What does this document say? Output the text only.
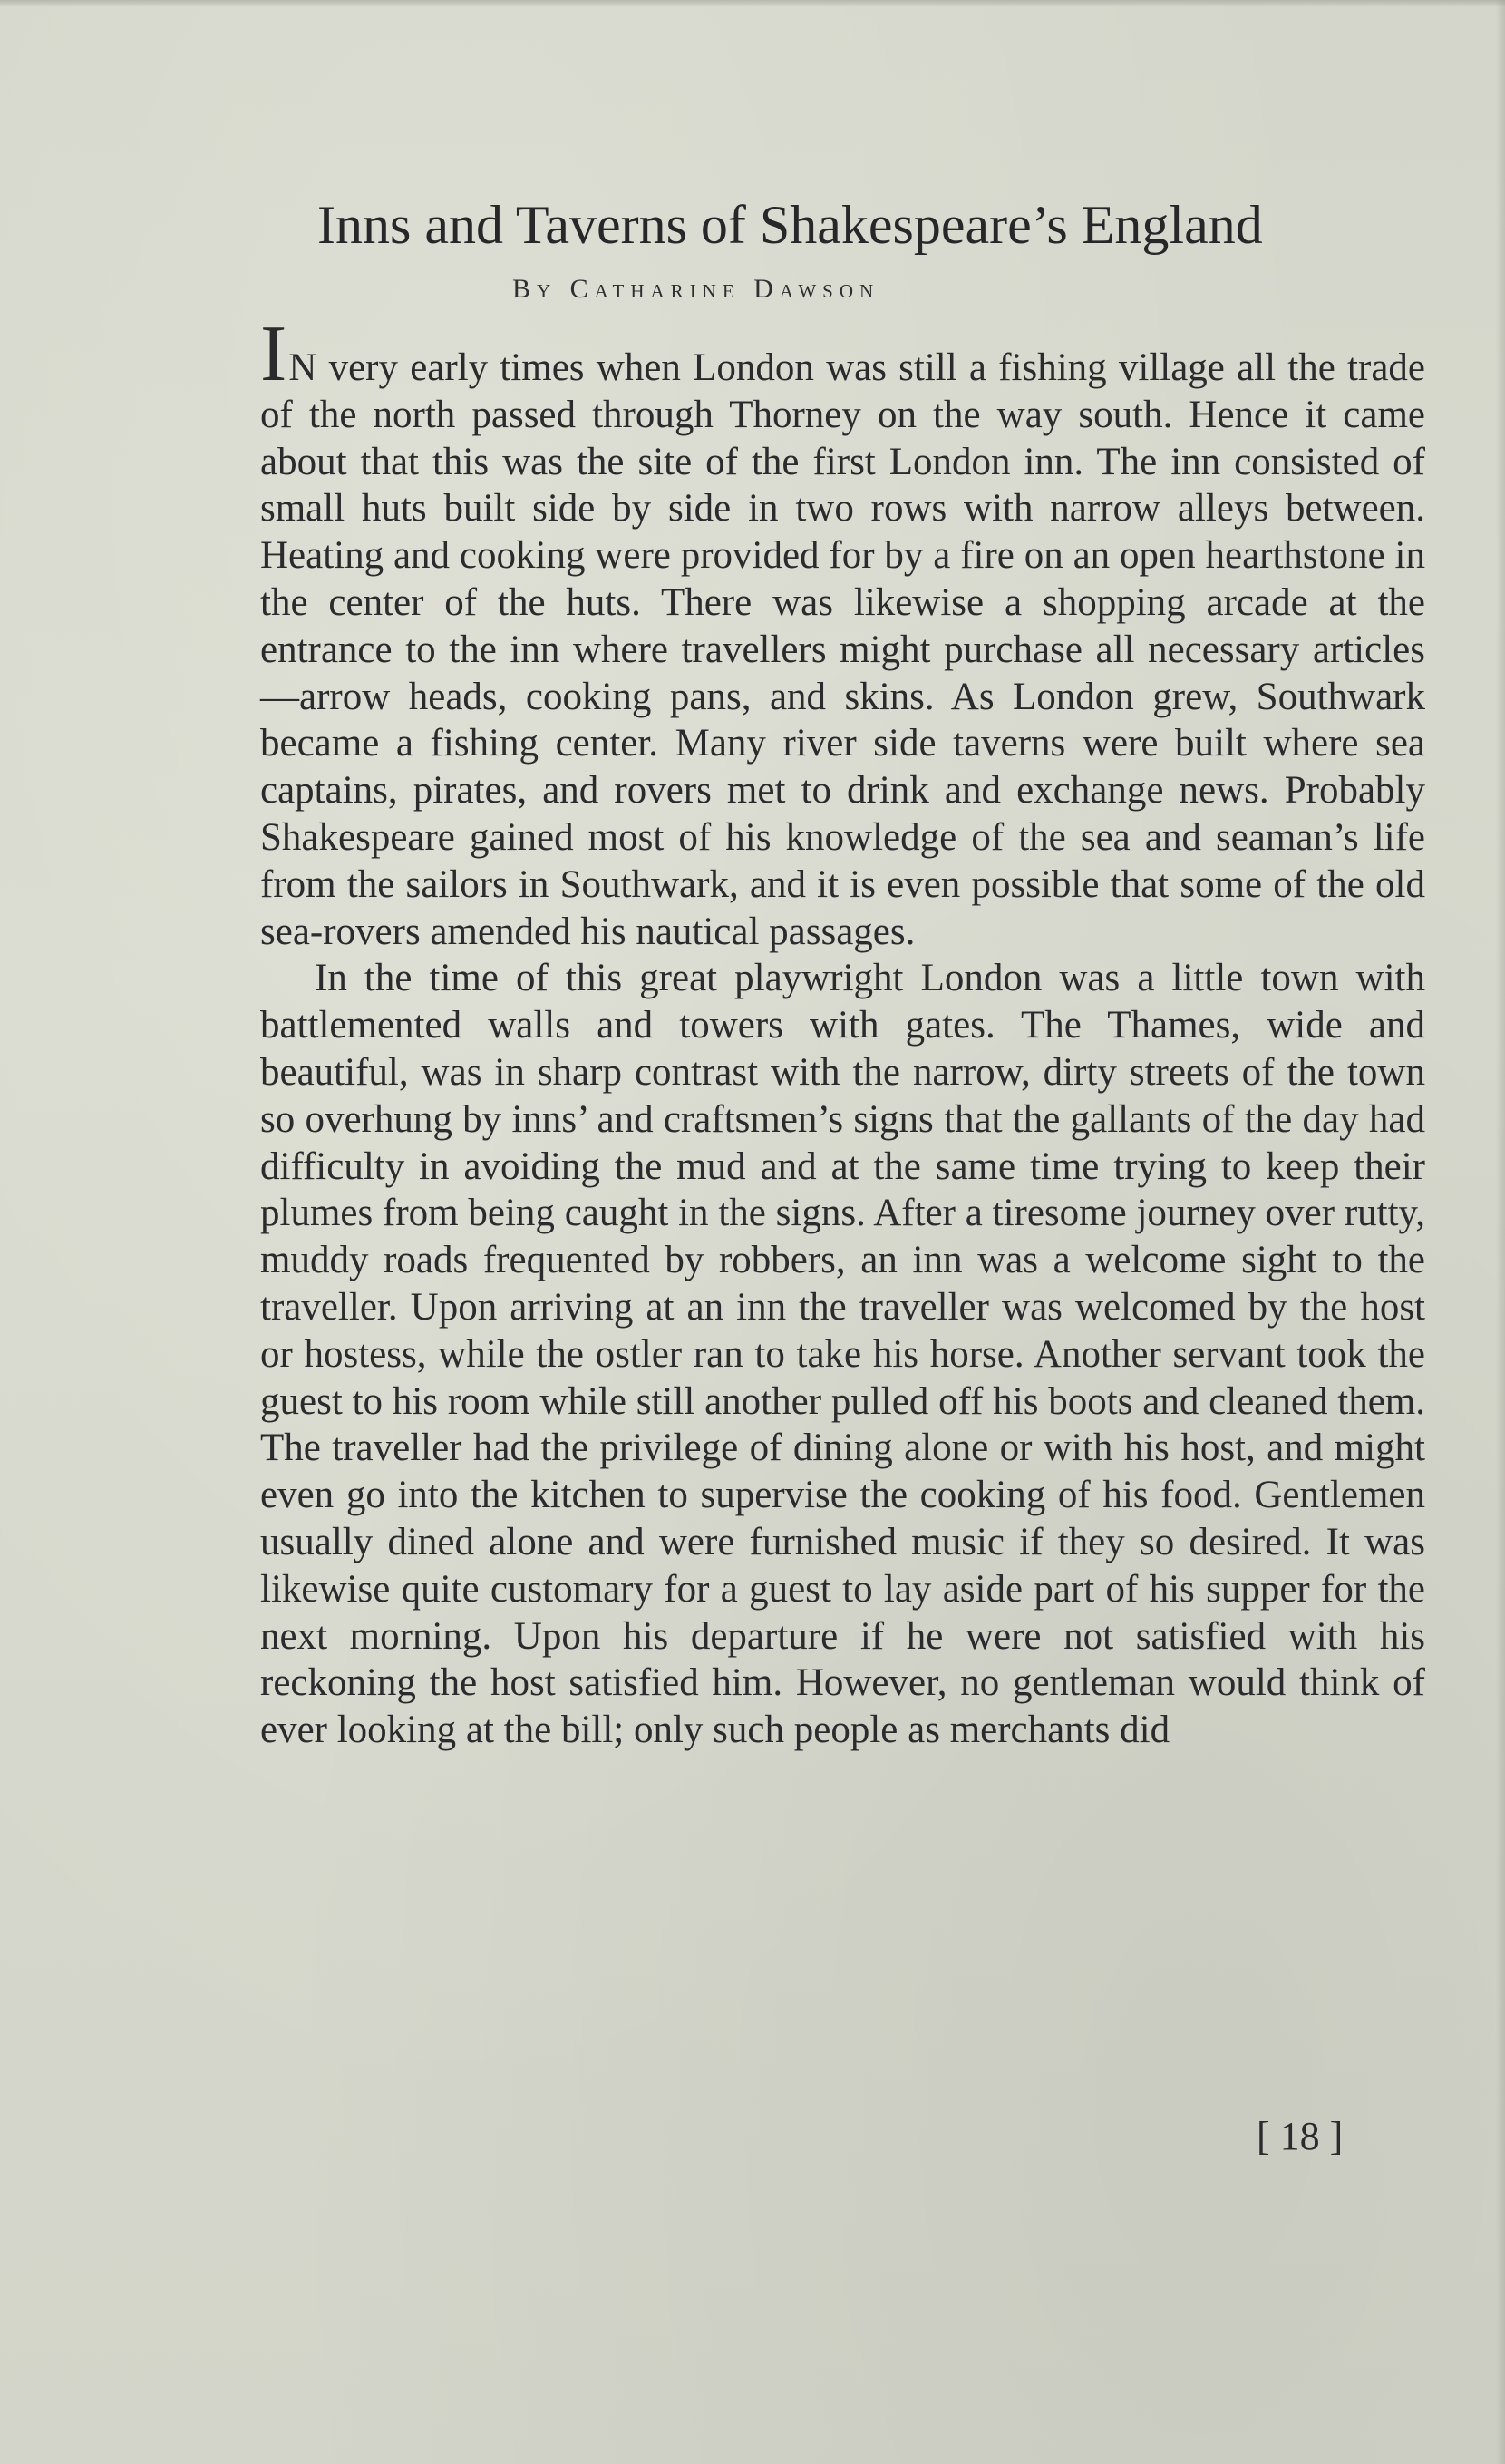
Inns and Taverns of Shakespeare’s England
By Catharine Dawson

IN very early times when London was still a fishing village all the trade of the north passed through Thorney on the way south. Hence it came about that this was the site of the first London inn. The inn consisted of small huts built side by side in two rows with narrow alleys between. Heating and cooking were provided for by a fire on an open hearthstone in the center of the huts. There was likewise a shopping arcade at the entrance to the inn where travellers might purchase all necessary articles—arrow heads, cooking pans, and skins. As London grew, Southwark became a fishing center. Many river side taverns were built where sea captains, pirates, and rovers met to drink and exchange news. Probably Shakespeare gained most of his knowledge of the sea and seaman’s life from the sailors in Southwark, and it is even possible that some of the old sea-rovers amended his nautical passages.

In the time of this great playwright London was a little town with battlemented walls and towers with gates. The Thames, wide and beautiful, was in sharp contrast with the narrow, dirty streets of the town so overhung by inns’ and craftsmen’s signs that the gallants of the day had difficulty in avoiding the mud and at the same time trying to keep their plumes from being caught in the signs. After a tiresome journey over rutty, muddy roads frequented by robbers, an inn was a welcome sight to the traveller. Upon arriving at an inn the traveller was welcomed by the host or hostess, while the ostler ran to take his horse. Another servant took the guest to his room while still another pulled off his boots and cleaned them. The traveller had the privilege of dining alone or with his host, and might even go into the kitchen to supervise the cooking of his food. Gentlemen usually dined alone and were furnished music if they so desired. It was likewise quite customary for a guest to lay aside part of his supper for the next morning. Upon his departure if he were not satisfied with his reckoning the host satisfied him. However, no gentleman would think of ever looking at the bill; only such people as merchants did

[ 18 ]
